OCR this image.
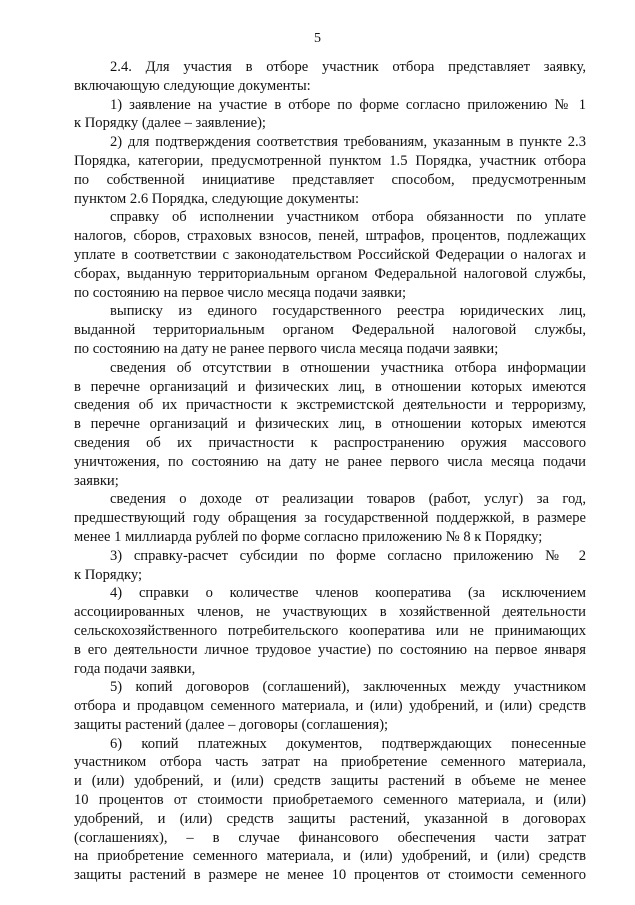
5
2.4. Для участия в отборе участник отбора представляет заявку,
включающую следующие документы:
1) заявление на участие в отборе по форме согласно приложению № 1
к Порядку (далее – заявление);
2) для подтверждения соответствия требованиям, указанным в пункте 2.3
Порядка, категории, предусмотренной пунктом 1.5 Порядка, участник отбора
по собственной инициативе представляет способом, предусмотренным
пунктом 2.6 Порядка, следующие документы:
справку об исполнении участником отбора обязанности по уплате
налогов, сборов, страховых взносов, пеней, штрафов, процентов, подлежащих
уплате в соответствии с законодательством Российской Федерации о налогах и
сборах, выданную территориальным органом Федеральной налоговой службы,
по состоянию на первое число месяца подачи заявки;
выписку из единого государственного реестра юридических лиц,
выданной территориальным органом Федеральной налоговой службы,
по состоянию на дату не ранее первого числа месяца подачи заявки;
сведения об отсутствии в отношении участника отбора информации
в перечне организаций и физических лиц, в отношении которых имеются
сведения об их причастности к экстремистской деятельности и терроризму,
в перечне организаций и физических лиц, в отношении которых имеются
сведения об их причастности к распространению оружия массового
уничтожения, по состоянию на дату не ранее первого числа месяца подачи
заявки;
сведения о доходе от реализации товаров (работ, услуг) за год,
предшествующий году обращения за государственной поддержкой, в размере
менее 1 миллиарда рублей по форме согласно приложению № 8 к Порядку;
3) справку-расчет субсидии по форме согласно приложению № 2
к Порядку;
4) справки о количестве членов кооператива (за исключением
ассоциированных членов, не участвующих в хозяйственной деятельности
сельскохозяйственного потребительского кооператива или не принимающих
в его деятельности личное трудовое участие) по состоянию на первое января
года подачи заявки,
5) копий договоров (соглашений), заключенных между участником
отбора и продавцом семенного материала, и (или) удобрений, и (или) средств
защиты растений (далее – договоры (соглашения);
6) копий платежных документов, подтверждающих понесенные
участником отбора часть затрат на приобретение семенного материала,
и (или) удобрений, и (или) средств защиты растений в объеме не менее
10 процентов от стоимости приобретаемого семенного материала, и (или)
удобрений, и (или) средств защиты растений, указанной в договорах
(соглашениях), – в случае финансового обеспечения части затрат
на приобретение семенного материала, и (или) удобрений, и (или) средств
защиты растений в размере не менее 10 процентов от стоимости семенного
